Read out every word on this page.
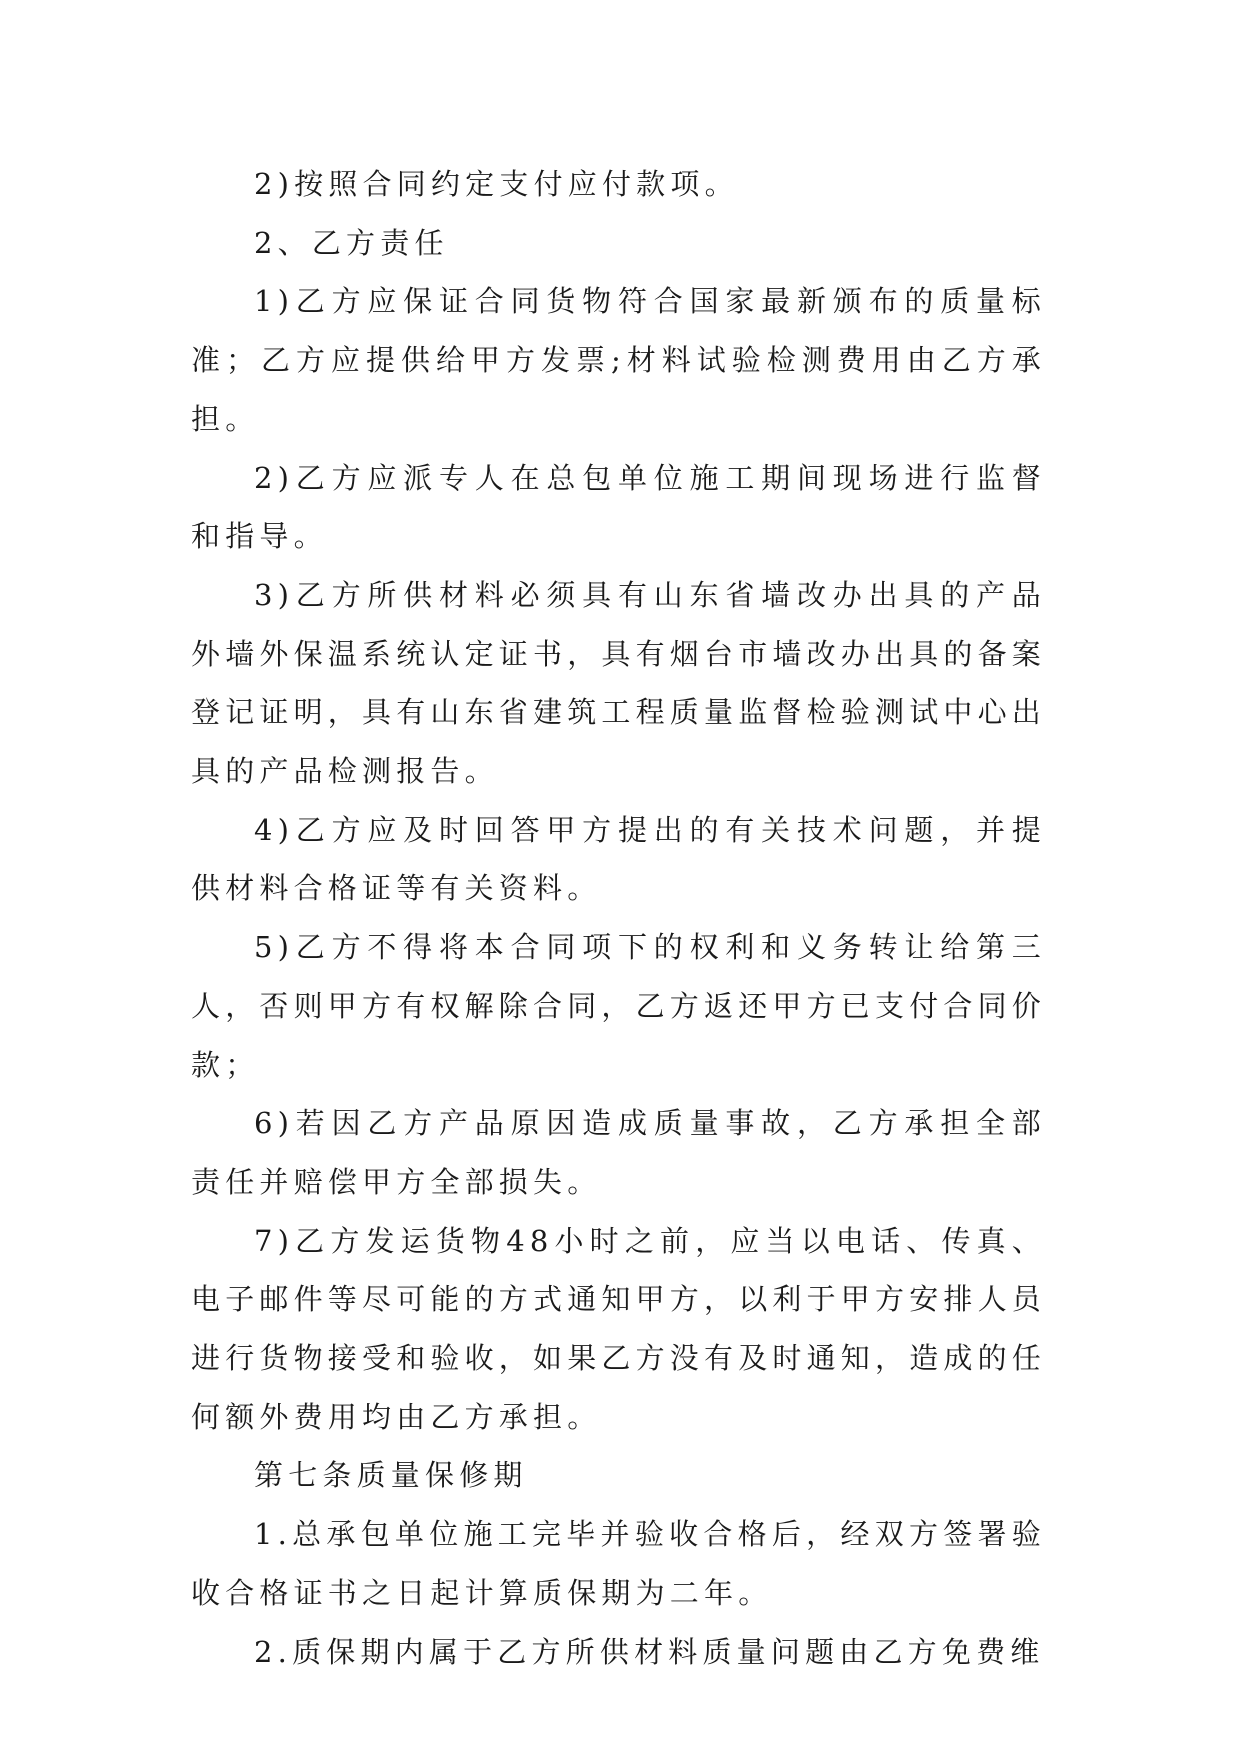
2)按照合同约定支付应付款项。

2、乙方责任

1)乙方应保证合同货物符合国家最新颁布的质量标准；乙方应提供给甲方发票;材料试验检测费用由乙方承担。

2)乙方应派专人在总包单位施工期间现场进行监督和指导。

3)乙方所供材料必须具有山东省墙改办出具的产品外墙外保温系统认定证书，具有烟台市墙改办出具的备案登记证明，具有山东省建筑工程质量监督检验测试中心出具的产品检测报告。

4)乙方应及时回答甲方提出的有关技术问题，并提供材料合格证等有关资料。

5)乙方不得将本合同项下的权利和义务转让给第三人，否则甲方有权解除合同，乙方返还甲方已支付合同价款；

6)若因乙方产品原因造成质量事故，乙方承担全部责任并赔偿甲方全部损失。

7)乙方发运货物48小时之前，应当以电话、传真、电子邮件等尽可能的方式通知甲方，以利于甲方安排人员进行货物接受和验收，如果乙方没有及时通知，造成的任何额外费用均由乙方承担。

第七条质量保修期

1.总承包单位施工完毕并验收合格后，经双方签署验收合格证书之日起计算质保期为二年。

2.质保期内属于乙方所供材料质量问题由乙方免费维
